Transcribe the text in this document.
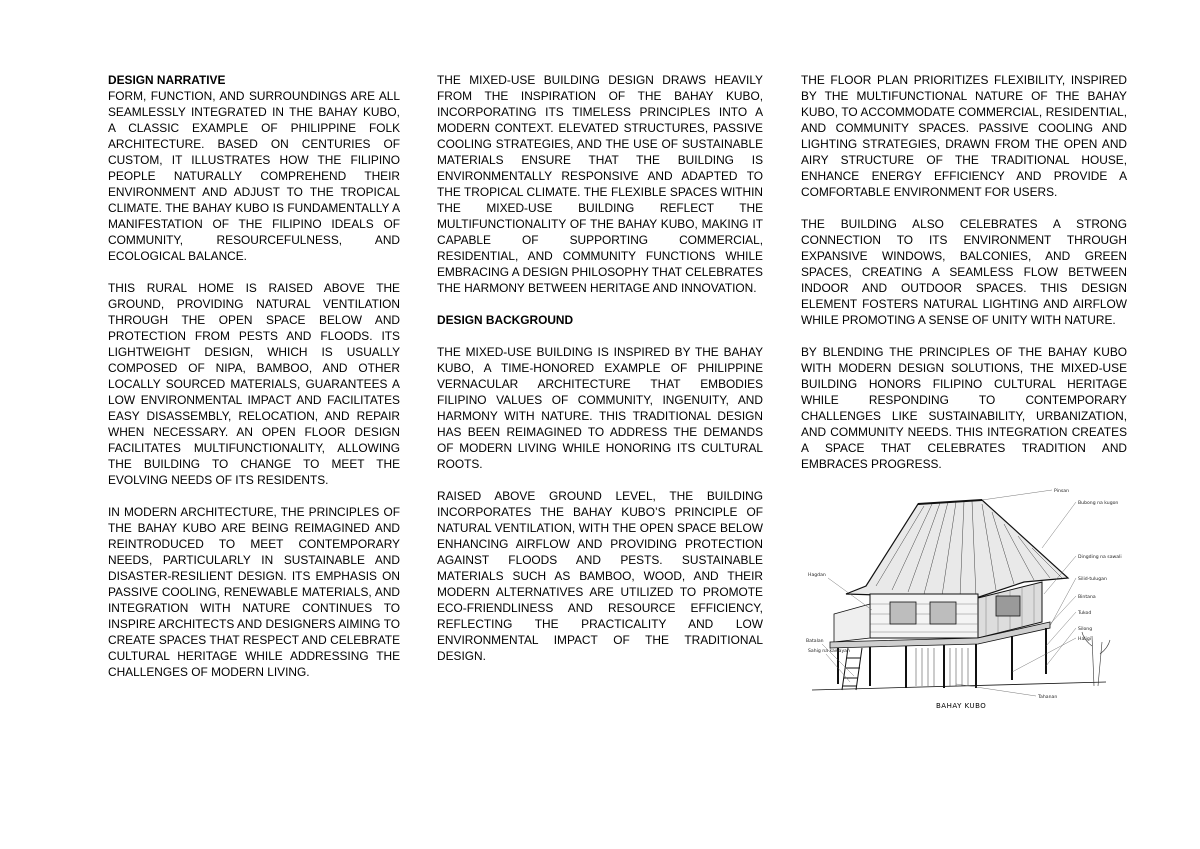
DESIGN NARRATIVE

FORM, FUNCTION, AND SURROUNDINGS ARE ALL SEAMLESSLY INTEGRATED IN THE BAHAY KUBO, A CLASSIC EXAMPLE OF PHILIPPINE FOLK ARCHITECTURE. BASED ON CENTURIES OF CUSTOM, IT ILLUSTRATES HOW THE FILIPINO PEOPLE NATURALLY COMPREHEND THEIR ENVIRONMENT AND ADJUST TO THE TROPICAL CLIMATE. THE BAHAY KUBO IS FUNDAMENTALLY A MANIFESTATION OF THE FILIPINO IDEALS OF COMMUNITY, RESOURCEFULNESS, AND ECOLOGICAL BALANCE.

THIS RURAL HOME IS RAISED ABOVE THE GROUND, PROVIDING NATURAL VENTILATION THROUGH THE OPEN SPACE BELOW AND PROTECTION FROM PESTS AND FLOODS. ITS LIGHTWEIGHT DESIGN, WHICH IS USUALLY COMPOSED OF NIPA, BAMBOO, AND OTHER LOCALLY SOURCED MATERIALS, GUARANTEES A LOW ENVIRONMENTAL IMPACT AND FACILITATES EASY DISASSEMBLY, RELOCATION, AND REPAIR WHEN NECESSARY. AN OPEN FLOOR DESIGN FACILITATES MULTIFUNCTIONALITY, ALLOWING THE BUILDING TO CHANGE TO MEET THE EVOLVING NEEDS OF ITS RESIDENTS.

IN MODERN ARCHITECTURE, THE PRINCIPLES OF THE BAHAY KUBO ARE BEING REIMAGINED AND REINTRODUCED TO MEET CONTEMPORARY NEEDS, PARTICULARLY IN SUSTAINABLE AND DISASTER-RESILIENT DESIGN. ITS EMPHASIS ON PASSIVE COOLING, RENEWABLE MATERIALS, AND INTEGRATION WITH NATURE CONTINUES TO INSPIRE ARCHITECTS AND DESIGNERS AIMING TO CREATE SPACES THAT RESPECT AND CELEBRATE CULTURAL HERITAGE WHILE ADDRESSING THE CHALLENGES OF MODERN LIVING.

THE MIXED-USE BUILDING DESIGN DRAWS HEAVILY FROM THE INSPIRATION OF THE BAHAY KUBO, INCORPORATING ITS TIMELESS PRINCIPLES INTO A MODERN CONTEXT. ELEVATED STRUCTURES, PASSIVE COOLING STRATEGIES, AND THE USE OF SUSTAINABLE MATERIALS ENSURE THAT THE BUILDING IS ENVIRONMENTALLY RESPONSIVE AND ADAPTED TO THE TROPICAL CLIMATE. THE FLEXIBLE SPACES WITHIN THE MIXED-USE BUILDING REFLECT THE MULTIFUNCTIONALITY OF THE BAHAY KUBO, MAKING IT CAPABLE OF SUPPORTING COMMERCIAL, RESIDENTIAL, AND COMMUNITY FUNCTIONS WHILE EMBRACING A DESIGN PHILOSOPHY THAT CELEBRATES THE HARMONY BETWEEN HERITAGE AND INNOVATION.

DESIGN BACKGROUND

THE MIXED-USE BUILDING IS INSPIRED BY THE BAHAY KUBO, A TIME-HONORED EXAMPLE OF PHILIPPINE VERNACULAR ARCHITECTURE THAT EMBODIES FILIPINO VALUES OF COMMUNITY, INGENUITY, AND HARMONY WITH NATURE. THIS TRADITIONAL DESIGN HAS BEEN REIMAGINED TO ADDRESS THE DEMANDS OF MODERN LIVING WHILE HONORING ITS CULTURAL ROOTS.

RAISED ABOVE GROUND LEVEL, THE BUILDING INCORPORATES THE BAHAY KUBO’S PRINCIPLE OF NATURAL VENTILATION, WITH THE OPEN SPACE BELOW ENHANCING AIRFLOW AND PROVIDING PROTECTION AGAINST FLOODS AND PESTS. SUSTAINABLE MATERIALS SUCH AS BAMBOO, WOOD, AND THEIR MODERN ALTERNATIVES ARE UTILIZED TO PROMOTE ECO-FRIENDLINESS AND RESOURCE EFFICIENCY, REFLECTING THE PRACTICALITY AND LOW ENVIRONMENTAL IMPACT OF THE TRADITIONAL DESIGN.

THE FLOOR PLAN PRIORITIZES FLEXIBILITY, INSPIRED BY THE MULTIFUNCTIONAL NATURE OF THE BAHAY KUBO, TO ACCOMMODATE COMMERCIAL, RESIDENTIAL, AND COMMUNITY SPACES. PASSIVE COOLING AND LIGHTING STRATEGIES, DRAWN FROM THE OPEN AND AIRY STRUCTURE OF THE TRADITIONAL HOUSE, ENHANCE ENERGY EFFICIENCY AND PROVIDE A COMFORTABLE ENVIRONMENT FOR USERS.

THE BUILDING ALSO CELEBRATES A STRONG CONNECTION TO ITS ENVIRONMENT THROUGH EXPANSIVE WINDOWS, BALCONIES, AND GREEN SPACES, CREATING A SEAMLESS FLOW BETWEEN INDOOR AND OUTDOOR SPACES. THIS DESIGN ELEMENT FOSTERS NATURAL LIGHTING AND AIRFLOW WHILE PROMOTING A SENSE OF UNITY WITH NATURE.

BY BLENDING THE PRINCIPLES OF THE BAHAY KUBO WITH MODERN DESIGN SOLUTIONS, THE MIXED-USE BUILDING HONORS FILIPINO CULTURAL HERITAGE WHILE RESPONDING TO CONTEMPORARY CHALLENGES LIKE SUSTAINABILITY, URBANIZATION, AND COMMUNITY NEEDS. THIS INTEGRATION CREATES A SPACE THAT CELEBRATES TRADITION AND EMBRACES PROGRESS.

Pinsan
Bubong na kugon
Dingding na sawali
Silid-tulugan
Bintana
Tukod
Silong
Haligi
Hagdan
Batalan
Sahig na kawayan
Tahanan
BAHAY KUBO
